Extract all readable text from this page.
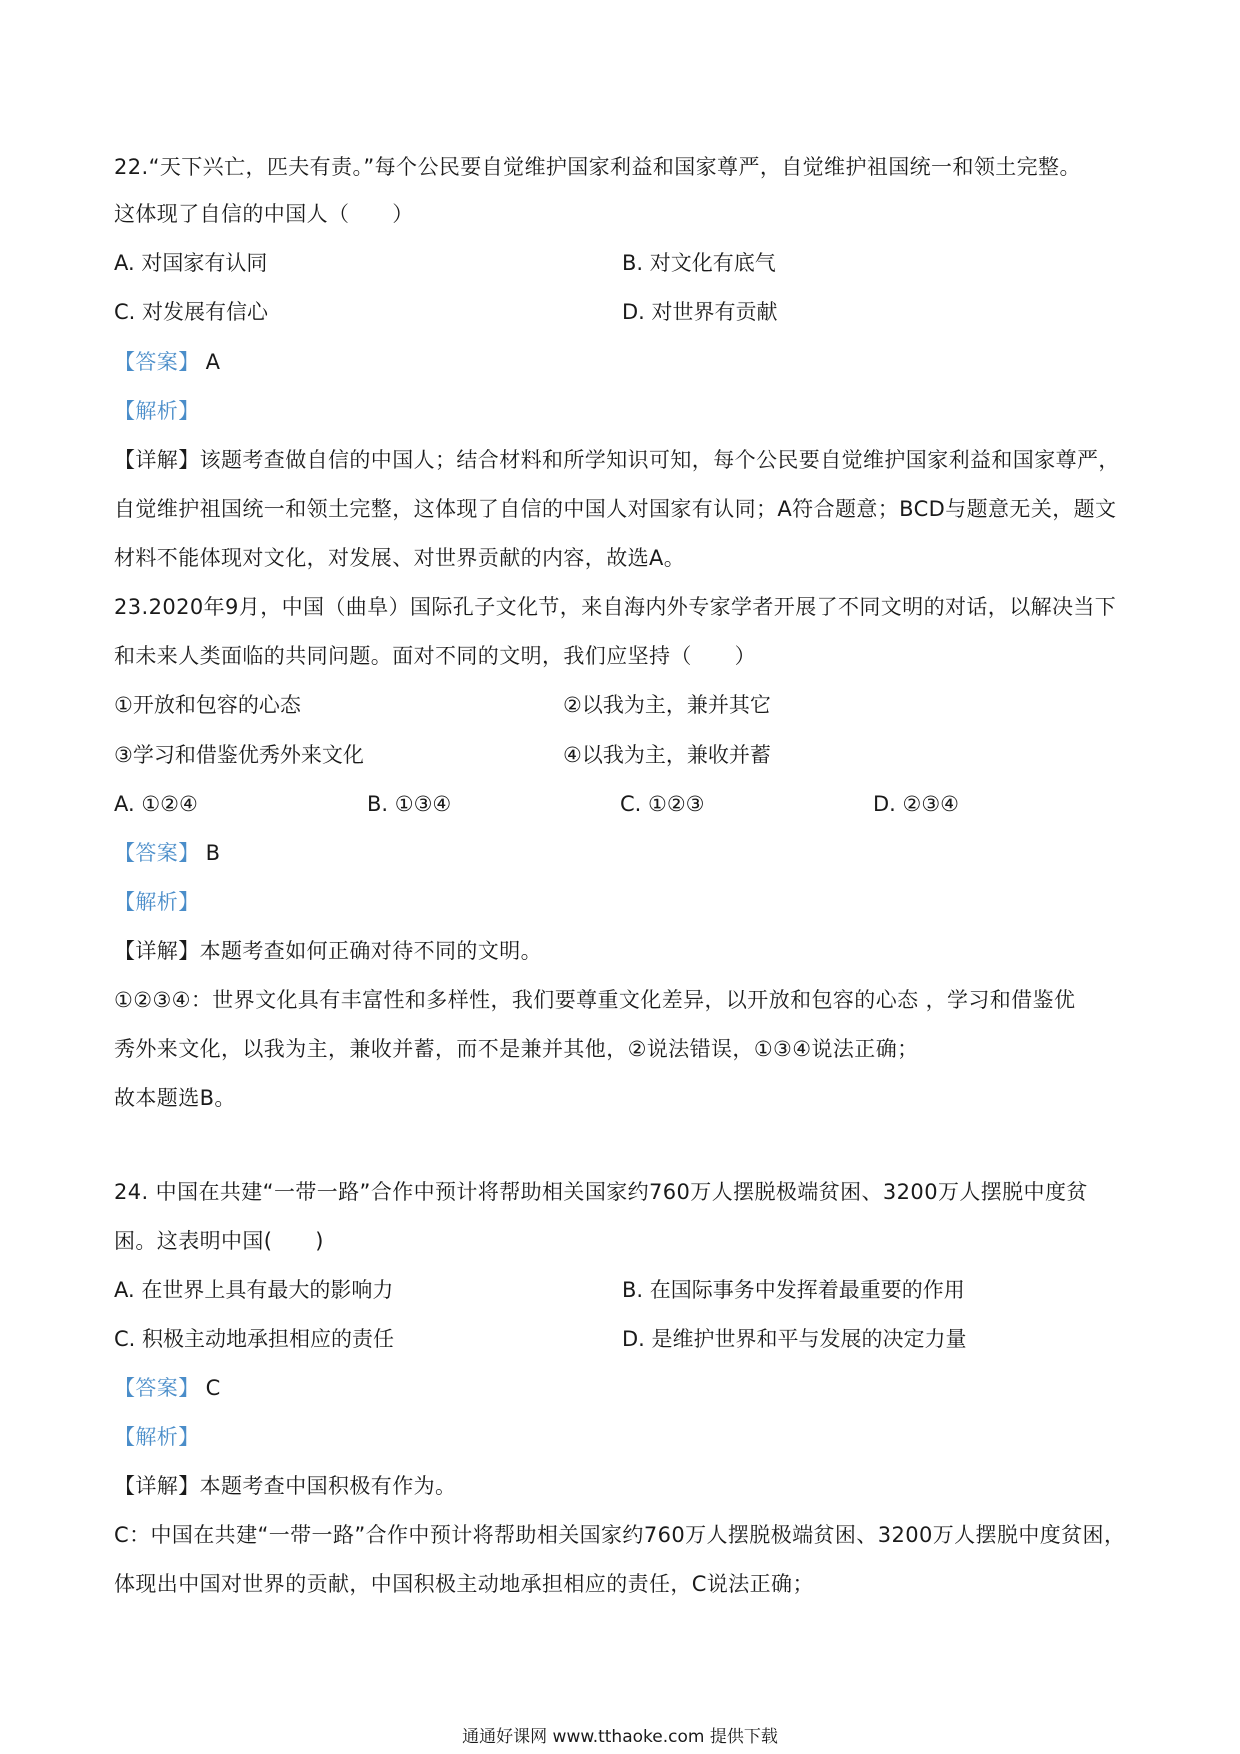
22.“天下兴亡，匹夫有责。”每个公民要自觉维护国家利益和国家尊严，自觉维护祖国统一和领土完整。
这体现了自信的中国人（　　）
A. 对国家有认同	B. 对文化有底气
C. 对发展有信心	D. 对世界有贡献
【答案】 A
【解析】
【详解】该题考查做自信的中国人；结合材料和所学知识可知，每个公民要自觉维护国家利益和国家尊严，
自觉维护祖国统一和领土完整，这体现了自信的中国人对国家有认同；A符合题意；BCD与题意无关，题文
材料不能体现对文化，对发展、对世界贡献的内容，故选A。
23.2020年9月，中国（曲阜）国际孔子文化节，来自海内外专家学者开展了不同文明的对话，以解决当下
和未来人类面临的共同问题。面对不同的文明，我们应坚持（　　）
①开放和包容的心态	②以我为主，兼并其它
③学习和借鉴优秀外来文化	④以我为主，兼收并蓄
A. ①②④	B. ①③④	C. ①②③	D. ②③④
【答案】 B
【解析】
【详解】本题考查如何正确对待不同的文明。
①②③④：世界文化具有丰富性和多样性，我们要尊重文化差异，以开放和包容的心态 ，学习和借鉴优
秀外来文化，以我为主，兼收并蓄，而不是兼并其他，②说法错误，①③④说法正确；
故本题选B。
24. 中国在共建“一带一路”合作中预计将帮助相关国家约760万人摆脱极端贫困、3200万人摆脱中度贫
困。这表明中国(　　)
A. 在世界上具有最大的影响力	B. 在国际事务中发挥着最重要的作用
C. 积极主动地承担相应的责任	D. 是维护世界和平与发展的决定力量
【答案】 C
【解析】
【详解】本题考查中国积极有作为。
C：中国在共建“一带一路”合作中预计将帮助相关国家约760万人摆脱极端贫困、3200万人摆脱中度贫困，
体现出中国对世界的贡献，中国积极主动地承担相应的责任，C说法正确；
通通好课网 www.tthaoke.com 提供下载
